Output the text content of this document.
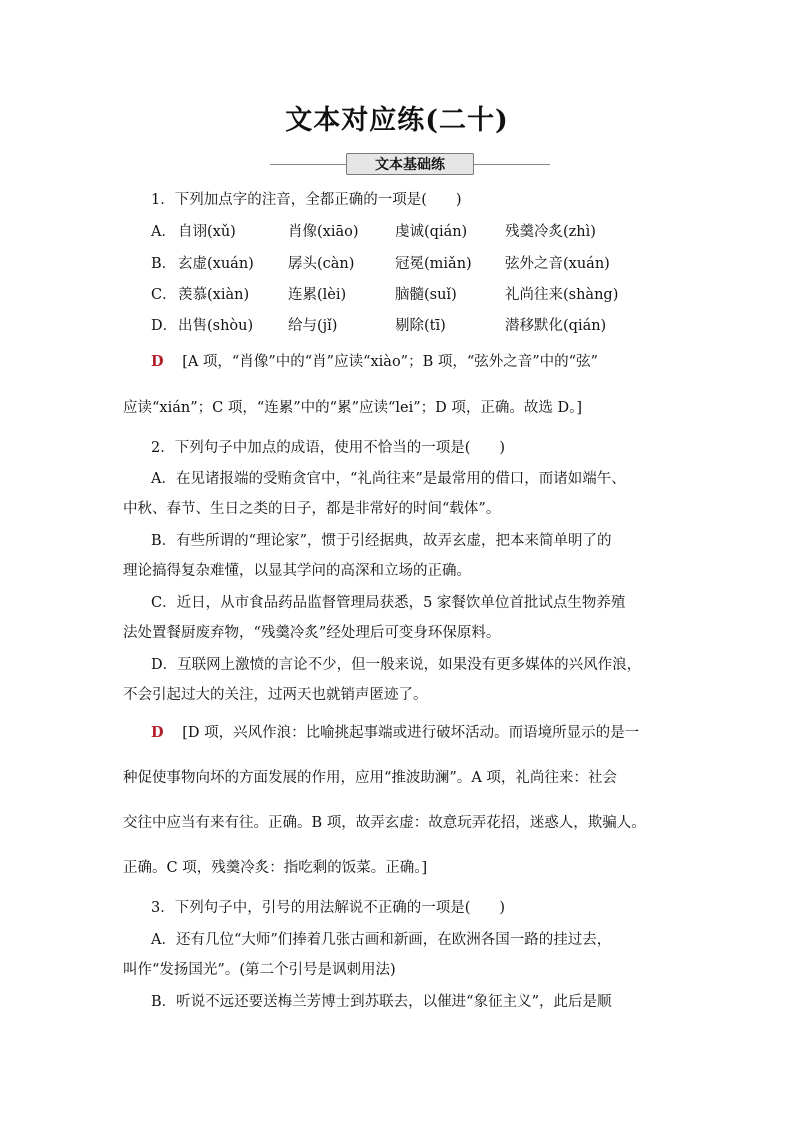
文本对应练(二十)
文本基础练
1．下列加点字的注音，全都正确的一项是(　　)
A． 自诩(xǔ)	肖像(xiāo)	虔诚(qián)	残羹冷炙(zhì)
B． 玄虚(xuán) 孱头(càn)	冠冕(miǎn) 弦外之音(xuán)
C． 羡慕(xiàn)	连累(lèi)	脑髓(suǐ)	礼尚往来(shàng)
D． 出售(shòu) 给与(jǐ)	剔除(tī)	潜移默化(qián)
D [A 项，“肖像”中的“肖”应读“xiào”；B 项，“弦外之音”中的“弦”
应读“xián”；C 项，“连累”中的“累”应读“lei”；D 项，正确。故选 D。]
2．下列句子中加点的成语，使用不恰当的一项是(　　)
A．在见诸报端的受贿贪官中，“礼尚往来”是最常用的借口，而诸如端午、
中秋、春节、生日之类的日子，都是非常好的时间“载体”。
B．有些所谓的“理论家”，惯于引经据典，故弄玄虚，把本来简单明了的
理论搞得复杂难懂，以显其学问的高深和立场的正确。
C．近日，从市食品药品监督管理局获悉，5 家餐饮单位首批试点生物养殖
法处置餐厨废弃物，“残羹冷炙”经处理后可变身环保原料。
D．互联网上激愤的言论不少，但一般来说，如果没有更多媒体的兴风作浪，
不会引起过大的关注，过两天也就销声匿迹了。
D [D 项，兴风作浪：比喻挑起事端或进行破坏活动。而语境所显示的是一
种促使事物向坏的方面发展的作用，应用“推波助澜”。A 项，礼尚往来：社会
交往中应当有来有往。正确。B 项，故弄玄虚：故意玩弄花招，迷惑人，欺骗人。
正确。C 项，残羹冷炙：指吃剩的饭菜。正确。]
3．下列句子中，引号的用法解说不正确的一项是(　　)
A．还有几位“大师”们捧着几张古画和新画，在欧洲各国一路的挂过去，
叫作“发扬国光”。(第二个引号是讽刺用法)
B．听说不远还要送梅兰芳博士到苏联去，以催进“象征主义”，此后是顺
